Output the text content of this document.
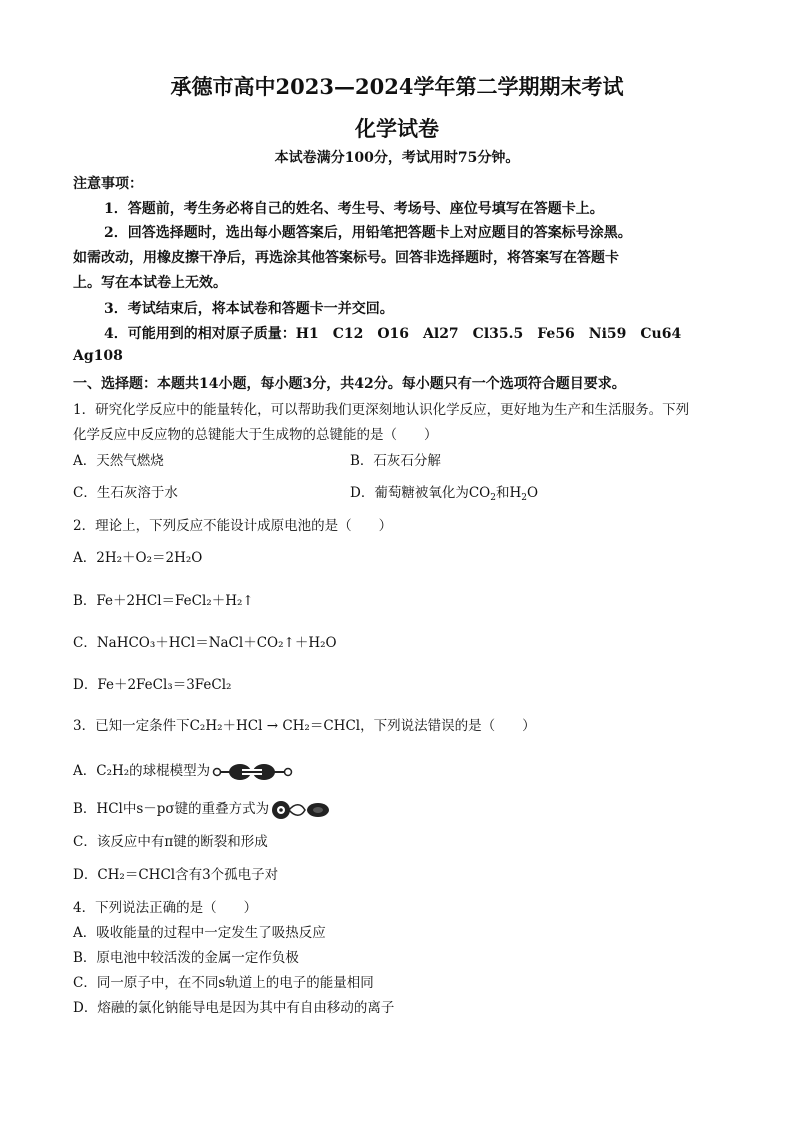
承德市高中2023—2024学年第二学期期末考试
化学试卷
本试卷满分100分，考试用时75分钟。
注意事项：
1．答题前，考生务必将自己的姓名、考生号、考场号、座位号填写在答题卡上。
2．回答选择题时，选出每小题答案后，用铅笔把答题卡上对应题目的答案标号涂黑。
如需改动，用橡皮擦干净后，再选涂其他答案标号。回答非选择题时，将答案写在答题卡
上。写在本试卷上无效。
3．考试结束后，将本试卷和答题卡一并交回。
4．可能用到的相对原子质量：H1　C12　O16　Al27　Cl35.5　Fe56　Ni59　Cu64
Ag108
一、选择题：本题共14小题，每小题3分，共42分。每小题只有一个选项符合题目要求。
1．研究化学反应中的能量转化，可以帮助我们更深刻地认识化学反应，更好地为生产和生活服务。下列
化学反应中反应物的总键能大于生成物的总键能的是（　　）
A．天然气燃烧	B．石灰石分解
C．生石灰溶于水	D．葡萄糖被氧化为$CO_2$和$H_2O$
2．理论上，下列反应不能设计成原电池的是（　　）
A．2H₂＋O₂＝2H₂O
B．Fe＋2HCl＝FeCl₂＋H₂↑
C．NaHCO₃＋HCl＝NaCl＋CO₂↑＋H₂O
D．Fe＋2FeCl₃＝3FeCl₂
3．已知一定条件下C₂H₂＋HCl → CH₂＝CHCl，下列说法错误的是（　　）
A．C₂H₂的球棍模型为
B．HCl中s－pσ键的重叠方式为
C．该反应中有π键的断裂和形成
D．CH₂＝CHCl含有3个孤电子对
4．下列说法正确的是（　　）
A．吸收能量的过程中一定发生了吸热反应
B．原电池中较活泼的金属一定作负极
C．同一原子中，在不同s轨道上的电子的能量相同
D．熔融的氯化钠能导电是因为其中有自由移动的离子
